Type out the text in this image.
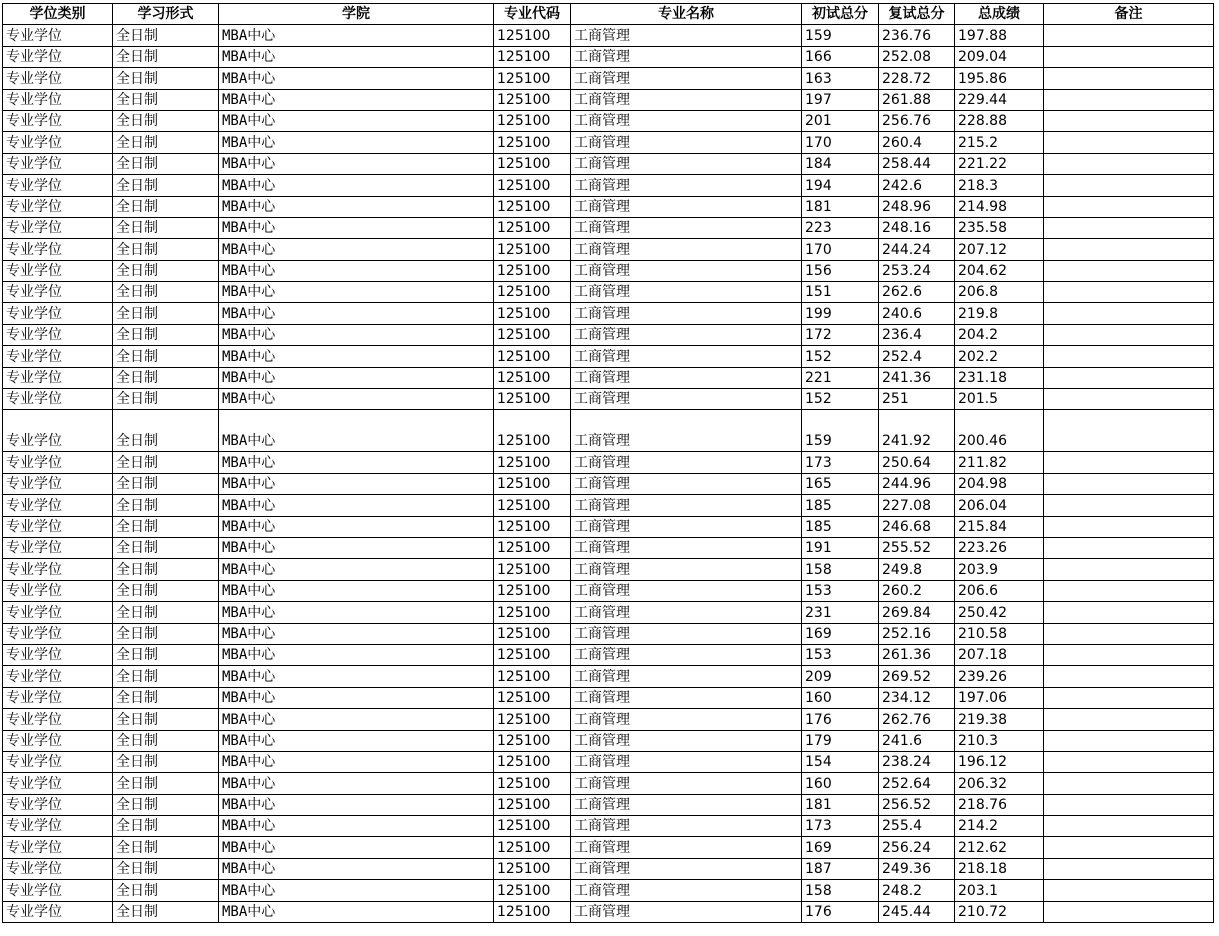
学位类别	学习形式	学院	专业代码	专业名称	初试总分	复试总分	总成绩	备注
专业学位	全日制	MBA中心	125100	工商管理	159	236.76	197.88	
专业学位	全日制	MBA中心	125100	工商管理	166	252.08	209.04	
专业学位	全日制	MBA中心	125100	工商管理	163	228.72	195.86	
专业学位	全日制	MBA中心	125100	工商管理	197	261.88	229.44	
专业学位	全日制	MBA中心	125100	工商管理	201	256.76	228.88	
专业学位	全日制	MBA中心	125100	工商管理	170	260.4	215.2	
专业学位	全日制	MBA中心	125100	工商管理	184	258.44	221.22	
专业学位	全日制	MBA中心	125100	工商管理	194	242.6	218.3	
专业学位	全日制	MBA中心	125100	工商管理	181	248.96	214.98	
专业学位	全日制	MBA中心	125100	工商管理	223	248.16	235.58	
专业学位	全日制	MBA中心	125100	工商管理	170	244.24	207.12	
专业学位	全日制	MBA中心	125100	工商管理	156	253.24	204.62	
专业学位	全日制	MBA中心	125100	工商管理	151	262.6	206.8	
专业学位	全日制	MBA中心	125100	工商管理	199	240.6	219.8	
专业学位	全日制	MBA中心	125100	工商管理	172	236.4	204.2	
专业学位	全日制	MBA中心	125100	工商管理	152	252.4	202.2	
专业学位	全日制	MBA中心	125100	工商管理	221	241.36	231.18	
专业学位	全日制	MBA中心	125100	工商管理	152	251	201.5	
专业学位	全日制	MBA中心	125100	工商管理	159	241.92	200.46	
专业学位	全日制	MBA中心	125100	工商管理	173	250.64	211.82	
专业学位	全日制	MBA中心	125100	工商管理	165	244.96	204.98	
专业学位	全日制	MBA中心	125100	工商管理	185	227.08	206.04	
专业学位	全日制	MBA中心	125100	工商管理	185	246.68	215.84	
专业学位	全日制	MBA中心	125100	工商管理	191	255.52	223.26	
专业学位	全日制	MBA中心	125100	工商管理	158	249.8	203.9	
专业学位	全日制	MBA中心	125100	工商管理	153	260.2	206.6	
专业学位	全日制	MBA中心	125100	工商管理	231	269.84	250.42	
专业学位	全日制	MBA中心	125100	工商管理	169	252.16	210.58	
专业学位	全日制	MBA中心	125100	工商管理	153	261.36	207.18	
专业学位	全日制	MBA中心	125100	工商管理	209	269.52	239.26	
专业学位	全日制	MBA中心	125100	工商管理	160	234.12	197.06	
专业学位	全日制	MBA中心	125100	工商管理	176	262.76	219.38	
专业学位	全日制	MBA中心	125100	工商管理	179	241.6	210.3	
专业学位	全日制	MBA中心	125100	工商管理	154	238.24	196.12	
专业学位	全日制	MBA中心	125100	工商管理	160	252.64	206.32	
专业学位	全日制	MBA中心	125100	工商管理	181	256.52	218.76	
专业学位	全日制	MBA中心	125100	工商管理	173	255.4	214.2	
专业学位	全日制	MBA中心	125100	工商管理	169	256.24	212.62	
专业学位	全日制	MBA中心	125100	工商管理	187	249.36	218.18	
专业学位	全日制	MBA中心	125100	工商管理	158	248.2	203.1	
专业学位	全日制	MBA中心	125100	工商管理	176	245.44	210.72	
